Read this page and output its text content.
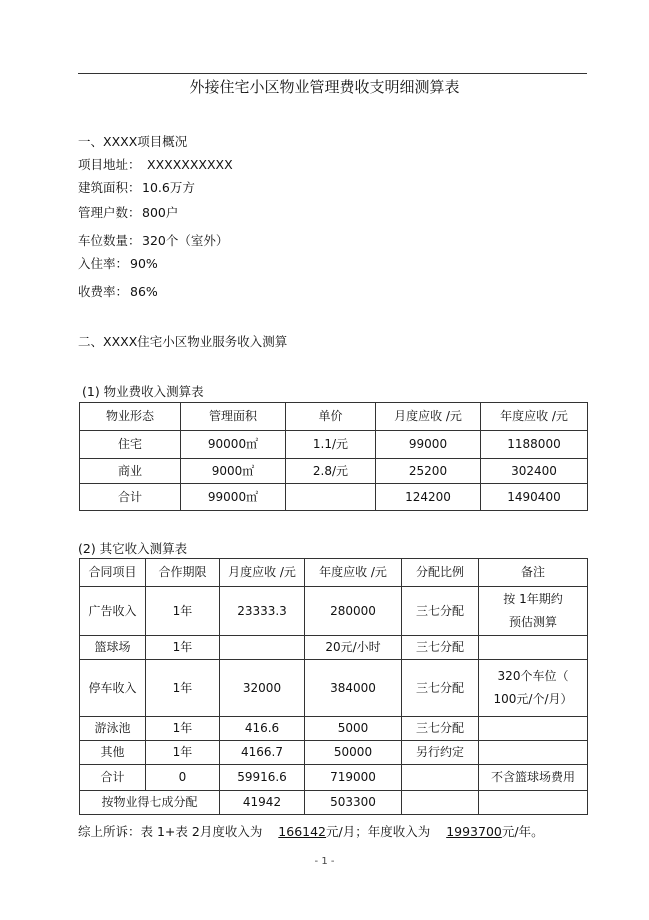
外接住宅小区物业管理费收支明细测算表
一、XXXX项目概况
项目地址： XXXXXXXXXX
建筑面积： 10.6万方
管理户数： 800户
车位数量： 320个（室外）
入住率： 90%
收费率： 86%
二、XXXX住宅小区物业服务收入测算
(1) 物业费收入测算表
物业形态	管理面积	单价	月度应收 /元	年度应收 /元
住宅	90000㎡	1.1/元	99000	1188000
商业	9000㎡	2.8/元	25200	302400
合计	99000㎡		124200	1490400
(2) 其它收入测算表
合同项目	合作期限	月度应收 /元	年度应收 /元	分配比例	备注
广告收入	1年	23333.3	280000	三七分配	按 1年期约预估测算
篮球场	1年		20元/小时	三七分配	
停车收入	1年	32000	384000	三七分配	320个车位（　100元/个/月）
游泳池	1年	416.6	5000	三七分配	
其他	1年	4166.7	50000	另行约定	
合计	0	59916.6	719000		不含篮球场费用
按物业得七成分配		41942	503300		
综上所诉：表 1+表 2月度收入为 166142元/月；年度收入为 1993700元/年。
- 1 -
